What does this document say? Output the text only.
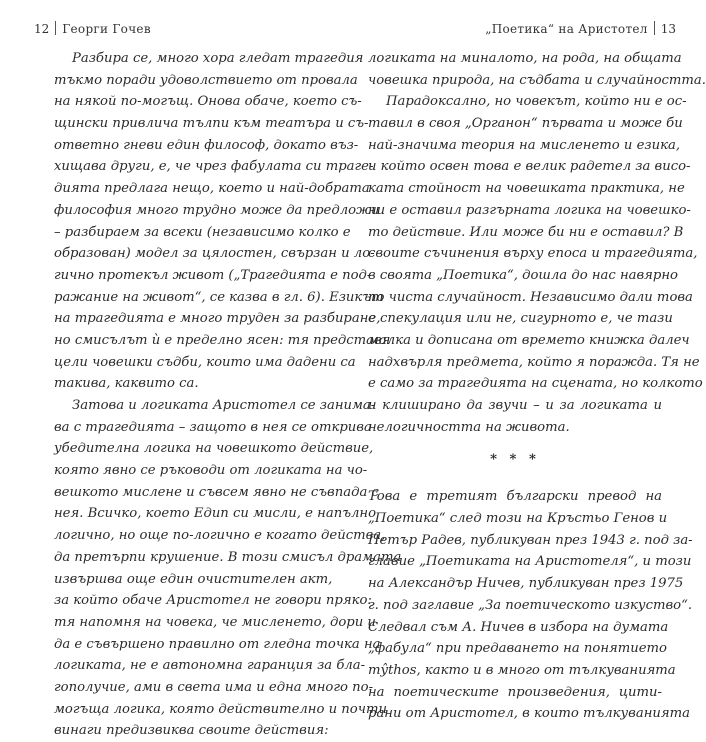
12 Георги Гочев
Разбира се, много хора гледат трагедия
тъкмо поради удоволствието от провала
на някой по-могъщ. Оновa обаче, което съ-
щински привлича тълпи към театъра и съ-
ответно гневи един философ, докато въз-
хищава други, е, че чрез фабулата си траге-
дията предлага нещо, което и най-добрата
философия много трудно може да предложи
– разбираем за всеки (независимо колко е
образован) модел за цялостен, свързан и ло-
гично протекъл живот („Трагедията е под-
ражание на живот“, се казва в гл. 6). Езикът
на трагедията е много труден за разбиране,
но смисълът ѝ е пределно ясен: тя представя
цели човешки съдби, които има дадени са
такива, каквито са.
Затова и логиката Аристотел се занима-
ва с трагедията – защото в нея се открива
убедителна логика на човешкото действие,
която явно се ръководи от логиката на чо-
вешкото мислене и съвсем явно не съвпада с
нея. Всичко, което Едип си мисли, е напълно
логично, но още по-логично е когато действа,
да претърпи крушение. В този смисъл драмата
извършва още един очистителен акт,
за който обаче Аристотел не говори пряко:
тя напомня на човека, че мисленето, дори и
да е съвършено правилно от гледна точка на
логиката, не е автономна гаранция за бла-
гополучие, ами в света има и една много по-
могъща логика, която действително и почти
винаги предизвиква своите действия:
„Поетика“ на Аристотел 13
логиката на миналото, на рода, на общата
човешка природа, на съдбата и случайността.
Парадоксално, но човекът, който ни е ос-
тавил в своя „Органон“ първата и може би
най-значима теория на мисленето и езика,
и който освен това е велик радетел за висо-
ката стойност на човешката практика, не
ни е оставил разгърната логика на човешко-
то действие. Или може би ни е оставил? В
своите съчинения върху епоса и трагедията,
в своята „Поетика“, дошла до нас навярно
по чиста случайност. Независимо дали това
е спекулация или не, сигурното е, че тази
малка и дописана от времето книжка далеч
надхвърля предмета, който я поражда. Тя не
е само за трагедията на сцената, но колкото
и клиширано да звучи – и за логиката и
нелогичността на живота.
* * *
Това е третият български превод на
„Поетика“ след този на Кръстьо Генов и
Петър Радев, публикуван през 1943 г. под за-
главие „Поетиката на Аристотеля“, и този
на Александър Ничев, публикуван през 1975
г. под заглавие „За поетическото изкуство“.
Следвал съм А. Ничев в избора на думата
„фабула“ при предаването на понятието
mŷthos, както и в много от тълкуванията
на поетическите произведения, цити-
рани от Аристотел, в които тълкуванията
